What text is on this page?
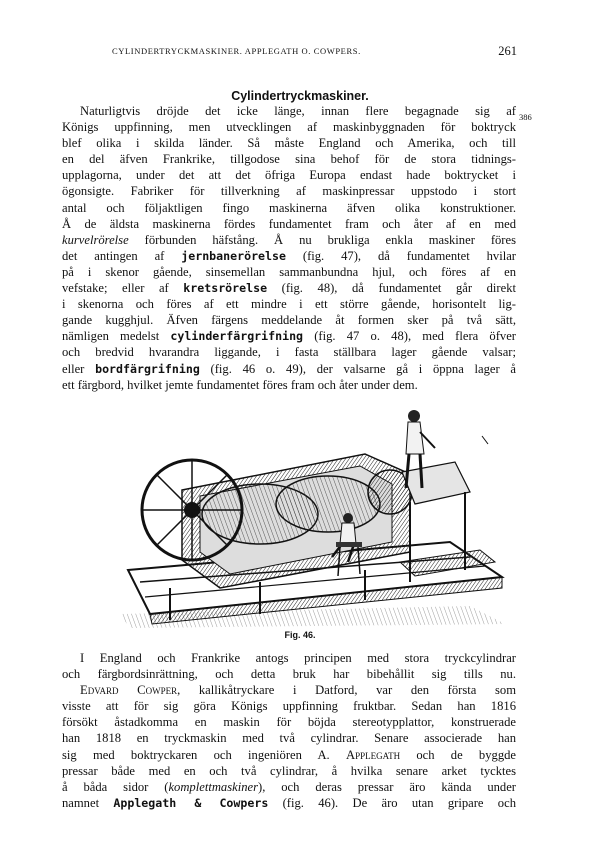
CYLINDERTRYCKMASKINER. APPLEGATH O. COWPERS.	261
Cylindertryckmaskiner.
386
Naturligtvis dröjde det icke länge, innan flere begagnade sig af
Königs uppfinning, men utvecklingen af maskinbyggnaden för boktryck
blef olika i skilda länder. Så måste England och Amerika, och till
en del äfven Frankrike, tillgodose sina behof för de stora tidnings-
upplagorna, under det att det öfriga Europa endast hade boktrycket i
ögonsigte. Fabriker för tillverkning af maskinpressar uppstodo i stort
antal och följaktligen fingo maskinerna äfven olika konstruktioner.
Å de äldsta maskinerna fördes fundamentet fram och åter af en med
kurvelrörelse förbunden häfstång. Å nu brukliga enkla maskiner föres
det antingen af jernbanerörelse (fig. 47), då fundamentet hvilar
på i skenor gående, sinsemellan sammanbundna hjul, och föres af en
vefstake; eller af kretsrörelse (fig. 48), då fundamentet går direkt
i skenorna och föres af ett mindre i ett större gående, horisontelt lig-
gande kugghjul. Äfven färgens meddelande åt formen sker på två sätt,
nämligen medelst cylinderfärgrifning (fig. 47 o. 48), med flera öfver
och bredvid hvarandra liggande, i fasta ställbara lager gående valsar;
eller bordfärgrifning (fig. 46 o. 49), der valsarne gå i öppna lager å
ett färgbord, hvilket jemte fundamentet föres fram och åter under dem.
Fig. 46.
I England och Frankrike antogs principen med stora tryckcylindrar
och färgbordsinrättning, och detta bruk har bibehållit sig tills nu.
Edvard Cowper, kallikåtryckare i Datford, var den första som
visste att för sig göra Königs uppfinning fruktbar. Sedan han 1816
försökt åstadkomma en maskin för böjda stereotypplattor, konstruerade
han 1818 en tryckmaskin med två cylindrar. Senare associerade han
sig med boktryckaren och ingeniören A. Applegath och de byggde
pressar både med en och två cylindrar, å hvilka senare arket tycktes
å båda sidor (komplettmaskiner), och deras pressar äro kända under
namnet Applegath & Cowpers (fig. 46). De äro utan gripare och
